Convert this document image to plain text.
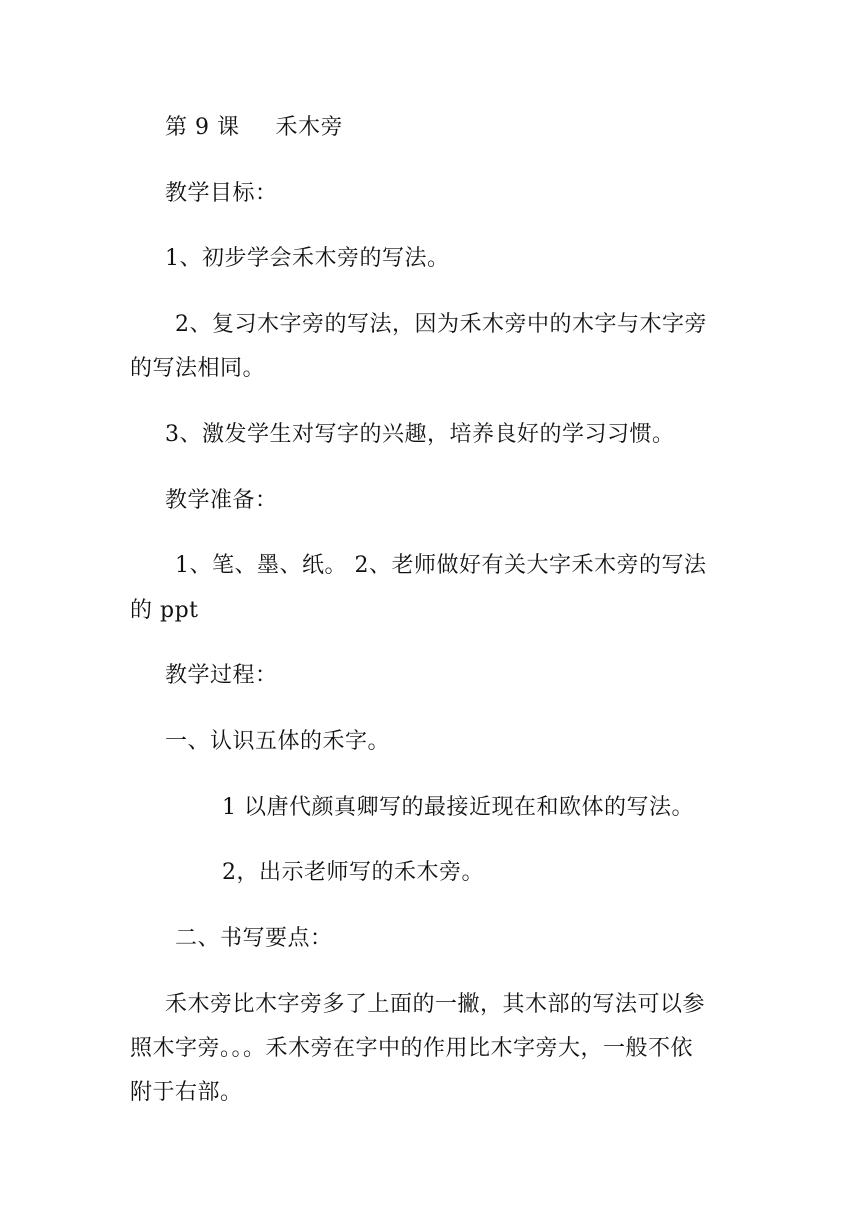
第 9 课 禾木旁
教学目标：
1、初步学会禾木旁的写法。
2、复习木字旁的写法，因为禾木旁中的木字与木字旁
的写法相同。
3、激发学生对写字的兴趣，培养良好的学习习惯。
教学准备：
1、笔、墨、纸。 2、老师做好有关大字禾木旁的写法
的 ppt
教学过程：
一、认识五体的禾字。
1 以唐代颜真卿写的最接近现在和欧体的写法。
2，出示老师写的禾木旁。
二、书写要点：
禾木旁比木字旁多了上面的一撇，其木部的写法可以参
照木字旁。。。禾木旁在字中的作用比木字旁大，一般不依
附于右部。
